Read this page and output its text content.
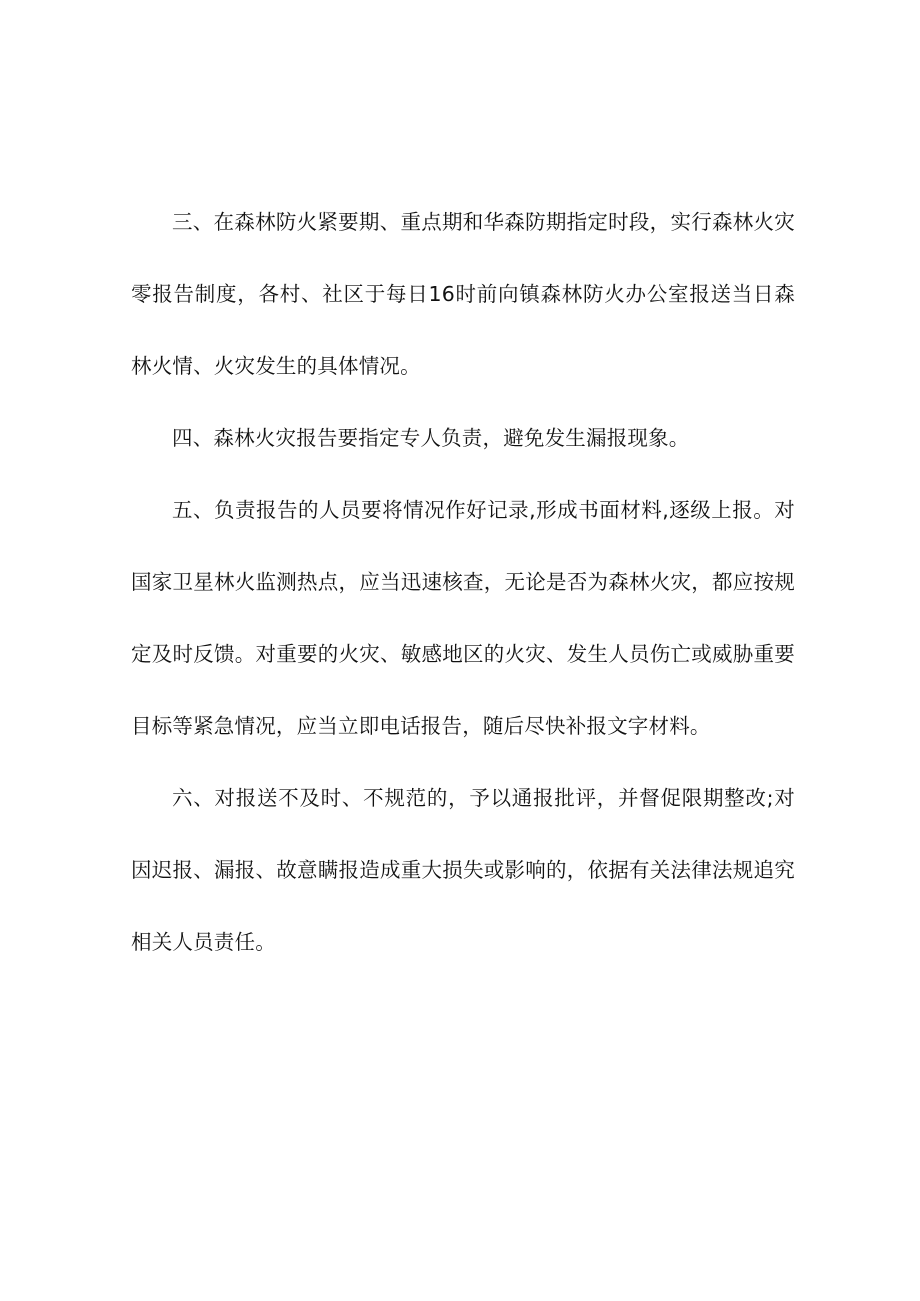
三、在森林防火紧要期、重点期和华森防期指定时段，实行森林火灾零报告制度，各村、社区于每日16时前向镇森林防火办公室报送当日森林火情、火灾发生的具体情况。

四、森林火灾报告要指定专人负责，避免发生漏报现象。

五、负责报告的人员要将情况作好记录,形成书面材料,逐级上报。对国家卫星林火监测热点，应当迅速核查，无论是否为森林火灾，都应按规定及时反馈。对重要的火灾、敏感地区的火灾、发生人员伤亡或威胁重要目标等紧急情况，应当立即电话报告，随后尽快补报文字材料。

六、对报送不及时、不规范的，予以通报批评，并督促限期整改;对因迟报、漏报、故意瞒报造成重大损失或影响的，依据有关法律法规追究相关人员责任。
